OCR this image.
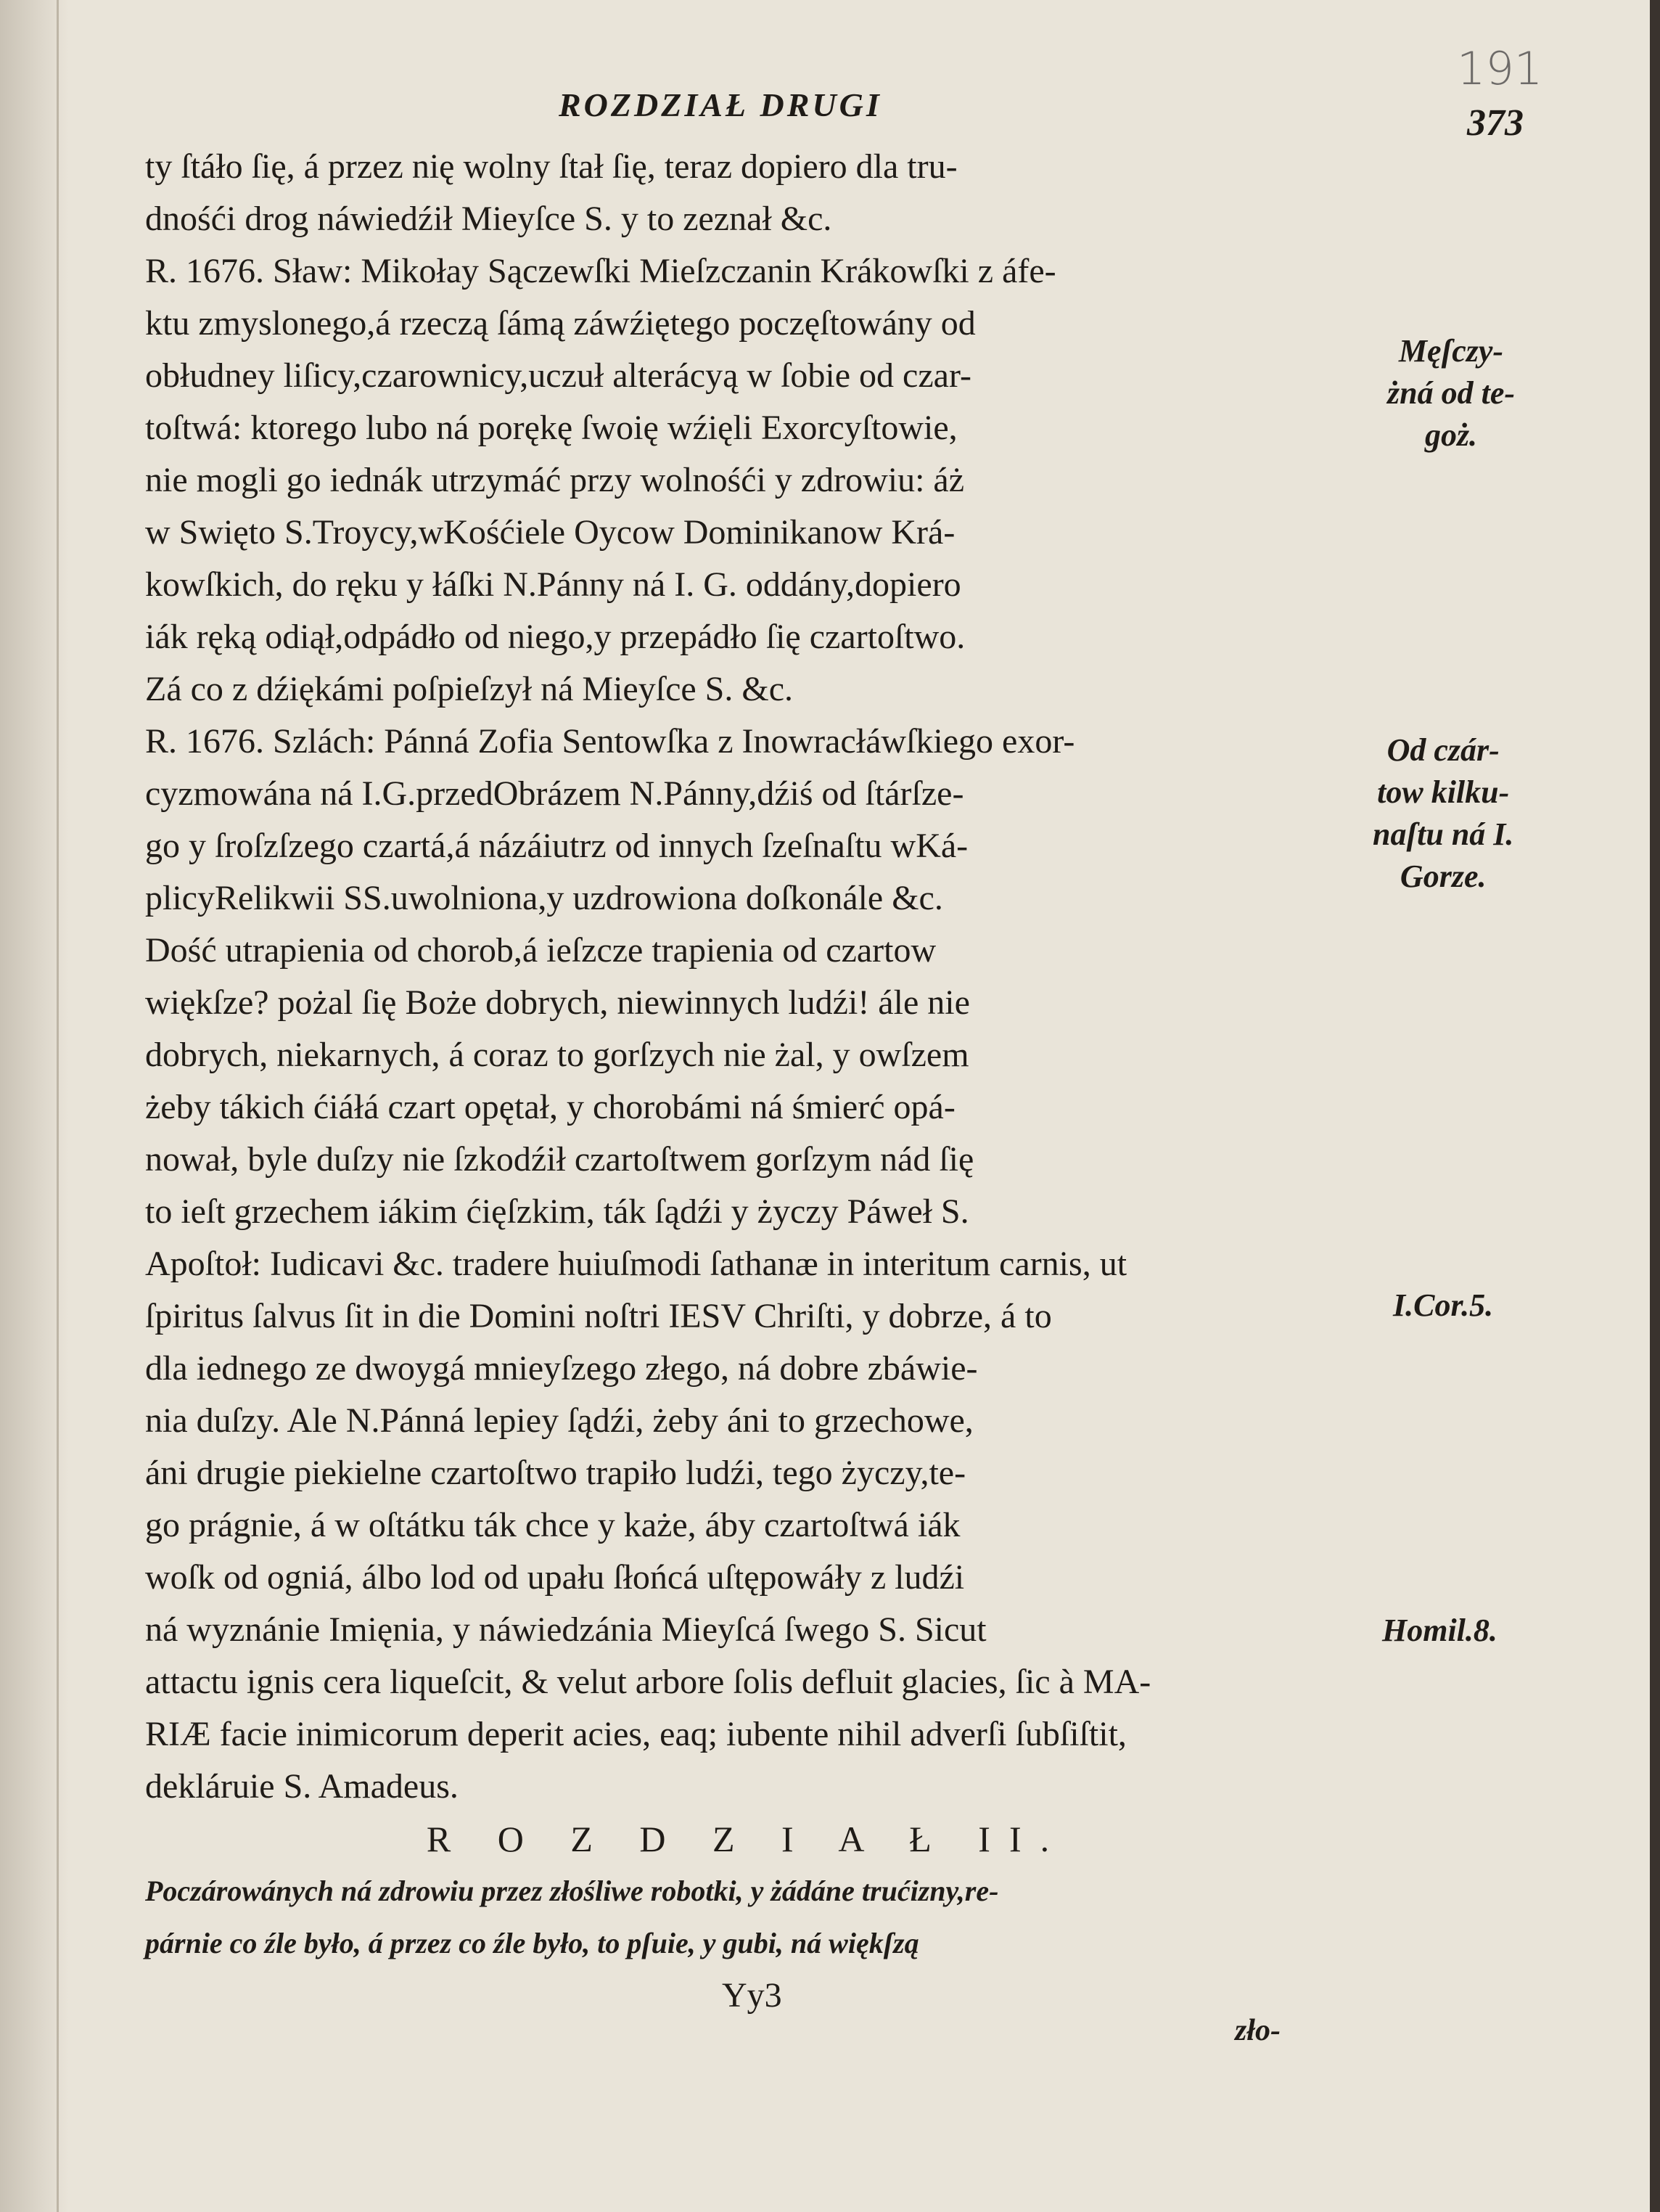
191
ROZDZIAŁ DRUGI	373
ty ſtáło ſię, á przez nię wolny ſtał ſię, teraz dopiero dla tru-
dnośći drog náwiedźił Mieyſce S. y to zeznał &c.
R. 1676. Sław: Mikołay Sączewſki Mieſzczanin Krákowſki z áfe-
ktu zmyslonego,á rzeczą ſámą záwźiętego poczęſtowány od
obłudney liſicy,czarownicy,uczuł alterácyą w ſobie od czar-
toſtwá: ktorego lubo ná porękę ſwoię wźięli Exorcyſtowie,
nie mogli go iednák utrzymáć przy wolnośći y zdrowiu: áż
w Swięto S.Troycy,wKośćiele Oycow Dominikanow Krá-
kowſkich, do ręku y łáſki N.Pánny ná I. G. oddány,dopiero
iák ręką odiął,odpádło od niego,y przepádło ſię czartoſtwo.
Zá co z dźiękámi poſpieſzył ná Mieyſce S. &c.
R. 1676. Szlách: Pánná Zofia Sentowſka z Inowracłáwſkiego exor-
cyzmowána ná I.G.przedObrázem N.Pánny,dźiś od ſtárſze-
go y ſroſzſzego czartá,á názáiutrz od innych ſzeſnaſtu wKá-
plicyRelikwii SS.uwolniona,y uzdrowiona doſkonále &c.
Dość utrapienia od chorob,á ieſzcze trapienia od czartow
więkſze? pożal ſię Boże dobrych, niewinnych ludźi! ále nie
dobrych, niekarnych, á coraz to gorſzych nie żal, y owſzem
żeby tákich ćiáłá czart opętał, y chorobámi ná śmierć opá-
nował, byle duſzy nie ſzkodźił czartoſtwem gorſzym nád ſię
to ieſt grzechem iákim ćięſzkim, ták ſądźi y życzy Páweł S.
Apoſtoł: Iudicavi &c. tradere huiuſmodi ſathanæ in interitum carnis, ut
ſpiritus ſalvus ſit in die Domini noſtri IESV Chriſti, y dobrze, á to
dla iednego ze dwoygá mnieyſzego złego, ná dobre zbáwie-
nia duſzy. Ale N.Pánná lepiey ſądźi, żeby áni to grzechowe,
áni drugie piekielne czartoſtwo trapiło ludźi, tego życzy,te-
go prágnie, á w oſtátku ták chce y każe, áby czartoſtwá iák
woſk od ogniá, álbo lod od upału ſłońcá uſtępowáły z ludźi
ná wyznánie Imięnia, y náwiedzánia Mieyſcá ſwego S. Sicut
attactu ignis cera liqueſcit, & velut arbore ſolis defluit glacies, ſic à MA-
RIÆ facie inimicorum deperit acies, eaq; iubente nihil adverſi ſubſiſtit,
dekláruie S. Amadeus.
R O Z D Z I A Ł II.
Poczárowánych ná zdrowiu przez złośliwe robotki, y żádáne trućizny,re-
párnie co źle było, á przez co źle było, to pſuie, y gubi, ná więkſzą
Yy3
zło-
Męſczy-
żná od te-
goż.
Od czár-
tow kilku-
naſtu ná I.
Gorze.
I.Cor.5.
Homil.8.
